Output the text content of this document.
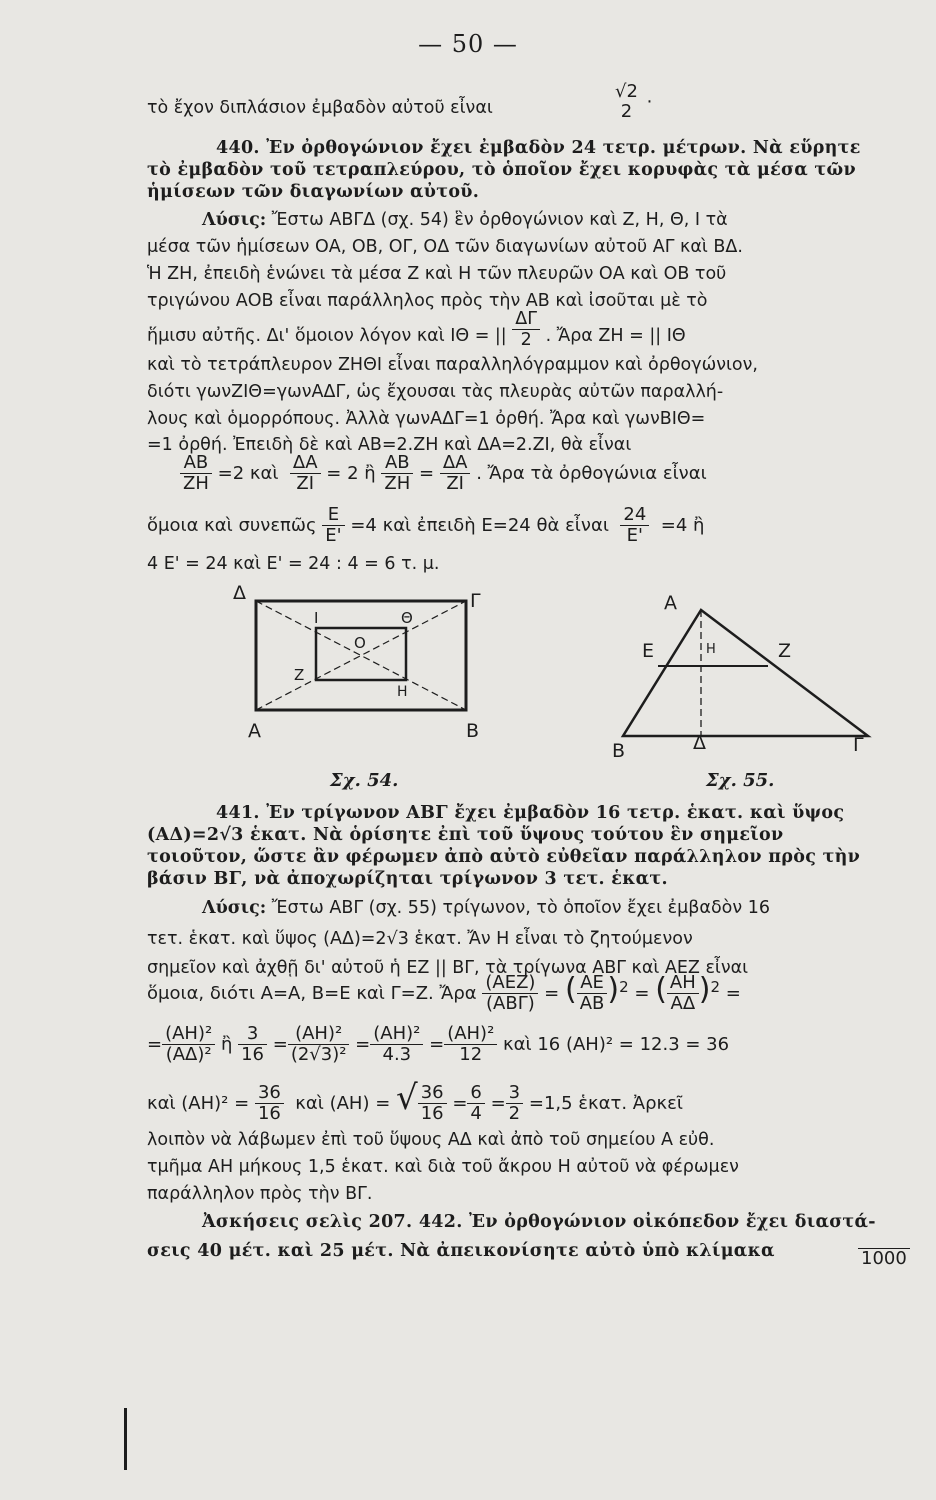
— 50 —
τὸ ἔχον διπλάσιον ἐμβαδὸν αὐτοῦ εἶναι
√2
2 ·
440. Ἐν ὀρθογώνιον ἔχει ἐμβαδὸν 24 τετρ. μέτρων. Νὰ εὕρητε
τὸ ἐμβαδὸν τοῦ τετραπλεύρου, τὸ ὁποῖον ἔχει κορυφὰς τὰ μέσα τῶν
ἡμίσεων τῶν διαγωνίων αὐτοῦ.
Λύσις: Ἔστω ΑΒΓΔ (σχ. 54) ἓν ὀρθογώνιον καὶ Ζ, Η, Θ, Ι τὰ
μέσα τῶν ἡμίσεων ΟΑ, ΟΒ, ΟΓ, ΟΔ τῶν διαγωνίων αὐτοῦ ΑΓ καὶ ΒΔ.
Ἡ ΖΗ, ἐπειδὴ ἑνώνει τὰ μέσα Ζ καὶ Η τῶν πλευρῶν ΟΑ καὶ ΟΒ τοῦ
τριγώνου ΑΟΒ εἶναι παράλληλος πρὸς τὴν ΑΒ καὶ ἰσοῦται μὲ τὸ
ἥμισυ αὐτῆς. Δι' ὅμοιον λόγον καὶ ΙΘ = || $\frac{\Delta\Gamma}{2}$ . Ἄρα ΖΗ = || ΙΘ
καὶ τὸ τετράπλευρον ΖΗΘΙ εἶναι παραλληλόγραμμον καὶ ὀρθογώνιον,
διότι γωνΖΙΘ=γωνΑΔΓ, ὡς ἔχουσαι τὰς πλευρὰς αὐτῶν παραλλή-
λους καὶ ὁμορρόπους. Ἀλλὰ γωνΑΔΓ=1 ὀρθή. Ἄρα καὶ γωνΒΙΘ=
=1 ὀρθή. Ἐπειδὴ δὲ καὶ ΑΒ=2.ΖΗ καὶ ΔΑ=2.ΖΙ, θὰ εἶναι
$\frac{AB}{ZH} =2$ καὶ $\frac{\Delta A}{ZI} = 2$ ἢ $\frac{AB}{ZH} = \frac{\Delta A}{ZI}$ . Ἄρα τὰ ὀρθογώνια εἶναι
ὅμοια καὶ συνεπῶς $\frac{E}{E'} =4$ καὶ ἐπειδὴ Ε=24 θὰ εἶναι $\frac{24}{E'} =4$ ἢ
4 Ε' = 24 καὶ Ε' = 24 : 4 = 6 τ. μ.
Δ	Γ
Α	Β
Ι	Θ
Ο
Ζ
Η
Σχ. 54.
Α
Ε	Η	Ζ
Β	Δ	Γ
Σχ. 55.
441. Ἐν τρίγωνον ΑΒΓ ἔχει ἐμβαδὸν 16 τετρ. ἑκατ. καὶ ὕψος
(ΑΔ)=2√3 ἑκατ. Νὰ ὁρίσητε ἐπὶ τοῦ ὕψους τούτου ἓν σημεῖον
τοιοῦτον, ὥστε ἂν φέρωμεν ἀπὸ αὐτὸ εὐθεῖαν παράλληλον πρὸς τὴν
βάσιν ΒΓ, νὰ ἀποχωρίζηται τρίγωνον 3 τετ. ἑκατ.
Λύσις: Ἔστω ΑΒΓ (σχ. 55) τρίγωνον, τὸ ὁποῖον ἔχει ἐμβαδὸν 16
τετ. ἑκατ. καὶ ὕψος (ΑΔ)=2√3 ἑκατ. Ἄν Η εἶναι τὸ ζητούμενον
σημεῖον καὶ ἀχθῇ δι' αὐτοῦ ἡ ΕΖ || ΒΓ, τὰ τρίγωνα ΑΒΓ καὶ ΑΕΖ εἶναι
ὅμοια, διότι Α=Α, Β=Ε καὶ Γ=Ζ. Ἄρα $\frac{\text{(ΑΕΖ)}}{\text{(ΑΒΓ)}}$ = ( $\frac{AE}{AB} )^2$ = ( $\frac{AH}{A\Delta} )^2$ =
= $\frac{\text{(ΑΗ)²}}{\text{(ΑΔ)²}}$ ἢ $\frac{3}{16} = \frac{\text{(ΑΗ)²}}{\text{(2√3)²}} = \frac{\text{(ΑΗ)²}}{4.3} = \frac{\text{(ΑΗ)²}}{12}$ καὶ 16 (ΑΗ)² = 12.3 = 36
καὶ $(AH)^2 = \frac{36}{16}$ καὶ (ΑΗ) = √ $\frac{36}{16} = \frac{6}{4} = \frac{3}{2} =1,5$ ἑκατ. Ἀρκεῖ
λοιπὸν νὰ λάβωμεν ἐπὶ τοῦ ὕψους ΑΔ καὶ ἀπὸ τοῦ σημείου Α εὐθ.
τμῆμα ΑΗ μήκους 1,5 ἑκατ. καὶ διὰ τοῦ ἄκρου Η αὐτοῦ νὰ φέρωμεν
παράλληλον πρὸς τὴν ΒΓ.
Ἀσκήσεις σελὶς 207. 442. Ἐν ὀρθογώνιον οἰκόπεδον ἔχει διαστά-
σεις 40 μέτ. καὶ 25 μέτ. Νὰ ἀπεικονίσητε αὐτὸ ὑπὸ κλίμακα	1000
